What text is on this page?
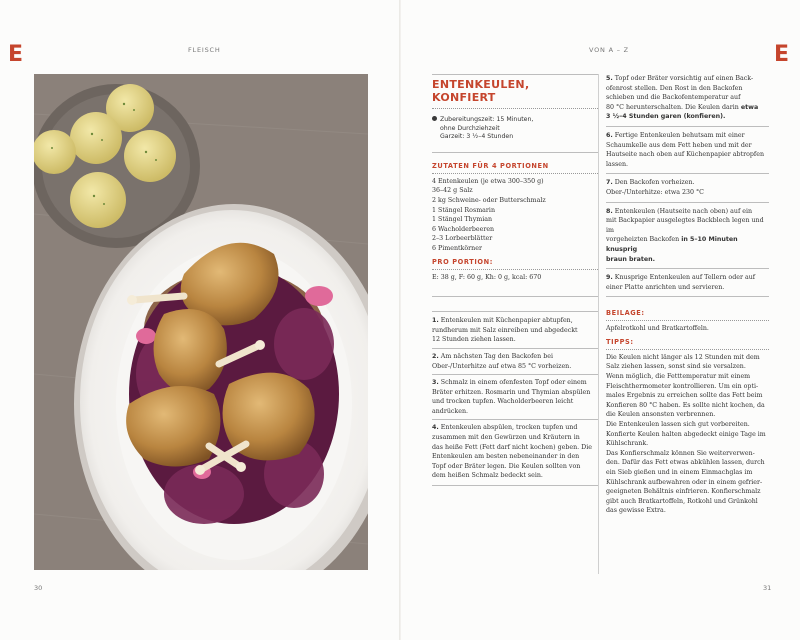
E	FLEISCH
30
VON A – Z	E
ENTENKEULEN,
KONFIERT
Zubereitungszeit: 15 Minuten,
ohne Durchziehzeit
Garzeit: 3 ½–4 Stunden
ZUTATEN FÜR 4 PORTIONEN
4 Entenkeulen (je etwa 300–350 g)
36–42 g Salz
2 kg Schweine- oder Butterschmalz
1 Stängel Rosmarin
1 Stängel Thymian
6 Wacholderbeeren
2–3 Lorbeerblätter
6 Pimentkörner
PRO PORTION:
E: 38 g, F: 60 g, Kh: 0 g, kcal: 670
1. Entenkeulen mit Küchenpapier abtupfen,
rundherum mit Salz einreiben und abgedeckt
12 Stunden ziehen lassen.
2. Am nächsten Tag den Backofen bei
Ober-/Unterhitze auf etwa 85 °C vorheizen.
3. Schmalz in einem ofenfesten Topf oder einem
Bräter erhitzen. Rosmarin und Thymian abspülen
und trocken tupfen. Wacholderbeeren leicht
andrücken.
4. Entenkeulen abspülen, trocken tupfen und
zusammen mit den Gewürzen und Kräutern in
das heiße Fett (Fett darf nicht kochen) geben. Die
Entenkeulen am besten nebeneinander in den
Topf oder Bräter legen. Die Keulen sollten von
dem heißen Schmalz bedeckt sein.
5. Topf oder Bräter vorsichtig auf einen Back-
ofenrost stellen. Den Rost in den Backofen
schieben und die Backofentemperatur auf
80 °C herunterschalten. Die Keulen darin etwa
3 ½–4 Stunden garen (konfieren).
6. Fertige Entenkeulen behutsam mit einer
Schaumkelle aus dem Fett heben und mit der
Hautseite nach oben auf Küchenpapier abtropfen
lassen.
7. Den Backofen vorheizen.
Ober-/Unterhitze: etwa 230 °C
8. Entenkeulen (Hautseite nach oben) auf ein
mit Backpapier ausgelegtes Backblech legen und im
vorgeheizten Backofen in 5–10 Minuten knusprig
braun braten.
9. Knusprige Entenkeulen auf Tellern oder auf
einer Platte anrichten und servieren.
BEILAGE:
Apfelrotkohl und Bratkartoffeln.
TIPPS:
Die Keulen nicht länger als 12 Stunden mit dem
Salz ziehen lassen, sonst sind sie versalzen.
Wenn möglich, die Fetttemperatur mit einem
Fleischthermometer kontrollieren. Um ein opti-
males Ergebnis zu erreichen sollte das Fett beim
Konfieren 80 °C haben. Es sollte nicht kochen, da
die Keulen ansonsten verbrennen.
Die Entenkeulen lassen sich gut vorbereiten.
Konfierte Keulen halten abgedeckt einige Tage im
Kühlschrank.
Das Konfierschmalz können Sie weiterverwen-
den. Dafür das Fett etwas abkühlen lassen, durch
ein Sieb gießen und in einem Einmachglas im
Kühlschrank aufbewahren oder in einem gefrier-
geeigneten Behältnis einfrieren. Konfierschmalz
gibt auch Bratkartoffeln, Rotkohl und Grünkohl
das gewisse Extra.
31
